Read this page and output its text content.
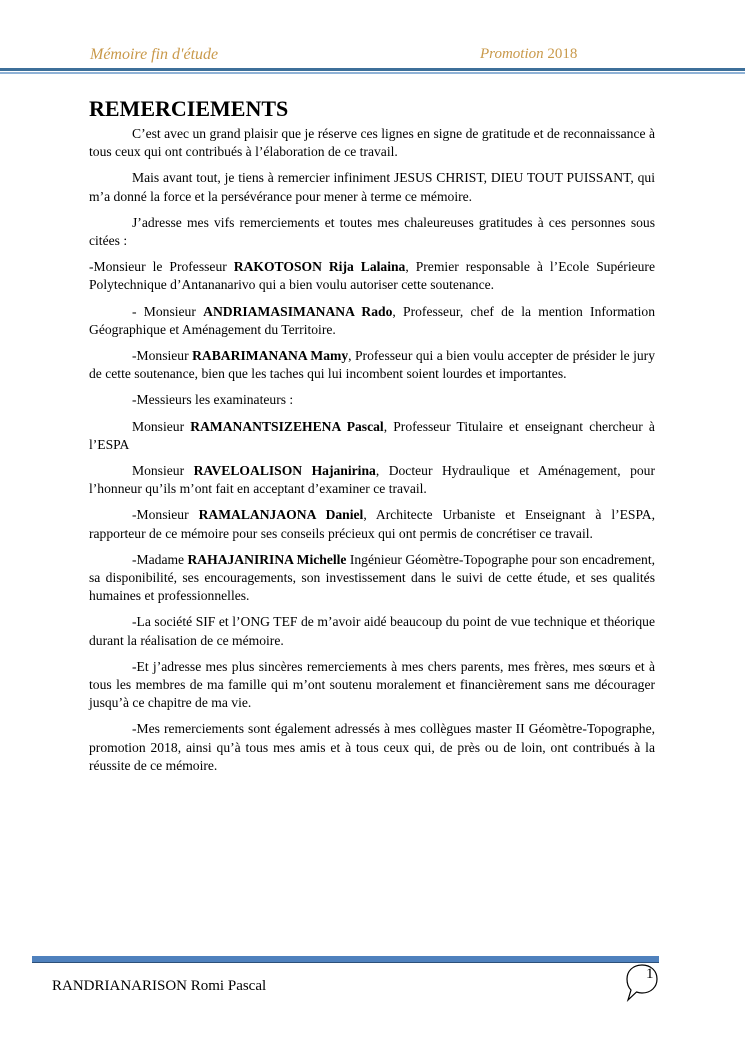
Mémoire fin d'étude	Promotion 2018
REMERCIEMENTS

C’est avec un grand plaisir que je réserve ces lignes en signe de gratitude et de reconnaissance à tous ceux qui ont contribués à l’élaboration de ce travail.

Mais avant tout, je tiens à remercier infiniment JESUS CHRIST, DIEU TOUT PUISSANT, qui m’a donné la force et la persévérance pour mener à terme ce mémoire.

J’adresse mes vifs remerciements et toutes mes chaleureuses gratitudes à ces personnes sous citées :

-Monsieur le Professeur RAKOTOSON Rija Lalaina, Premier responsable à l’Ecole Supérieure Polytechnique d’Antananarivo qui a bien voulu autoriser cette soutenance.

- Monsieur ANDRIAMASIMANANA Rado, Professeur, chef de la mention Information Géographique et Aménagement du Territoire.

-Monsieur RABARIMANANA Mamy, Professeur qui a bien voulu accepter de présider le jury de cette soutenance, bien que les taches qui lui incombent soient lourdes et importantes.

-Messieurs les examinateurs :

Monsieur RAMANANTSIZEHENA Pascal, Professeur Titulaire et enseignant chercheur à l’ESPA

Monsieur RAVELOALISON Hajanirina, Docteur Hydraulique et Aménagement, pour l’honneur qu’ils m’ont fait en acceptant d’examiner ce travail.

-Monsieur RAMALANJAONA Daniel, Architecte Urbaniste et Enseignant à l’ESPA, rapporteur de ce mémoire pour ses conseils précieux qui ont permis de concrétiser ce travail.

-Madame RAHAJANIRINA Michelle Ingénieur Géomètre-Topographe pour son encadrement, sa disponibilité, ses encouragements, son investissement dans le suivi de cette étude, et ses qualités humaines et professionnelles.

-La société SIF et l’ONG TEF de m’avoir aidé beaucoup du point de vue technique et théorique durant la réalisation de ce mémoire.

-Et j’adresse mes plus sincères remerciements à mes chers parents, mes frères, mes sœurs et à tous les membres de ma famille qui m’ont soutenu moralement et financièrement sans me décourager jusqu’à ce chapitre de ma vie.

-Mes remerciements sont également adressés à mes collègues master II Géomètre-Topographe, promotion 2018, ainsi qu’à tous mes amis et à tous ceux qui, de près ou de loin, ont contribués à la réussite de ce mémoire.

RANDRIANARISON Romi Pascal
1
